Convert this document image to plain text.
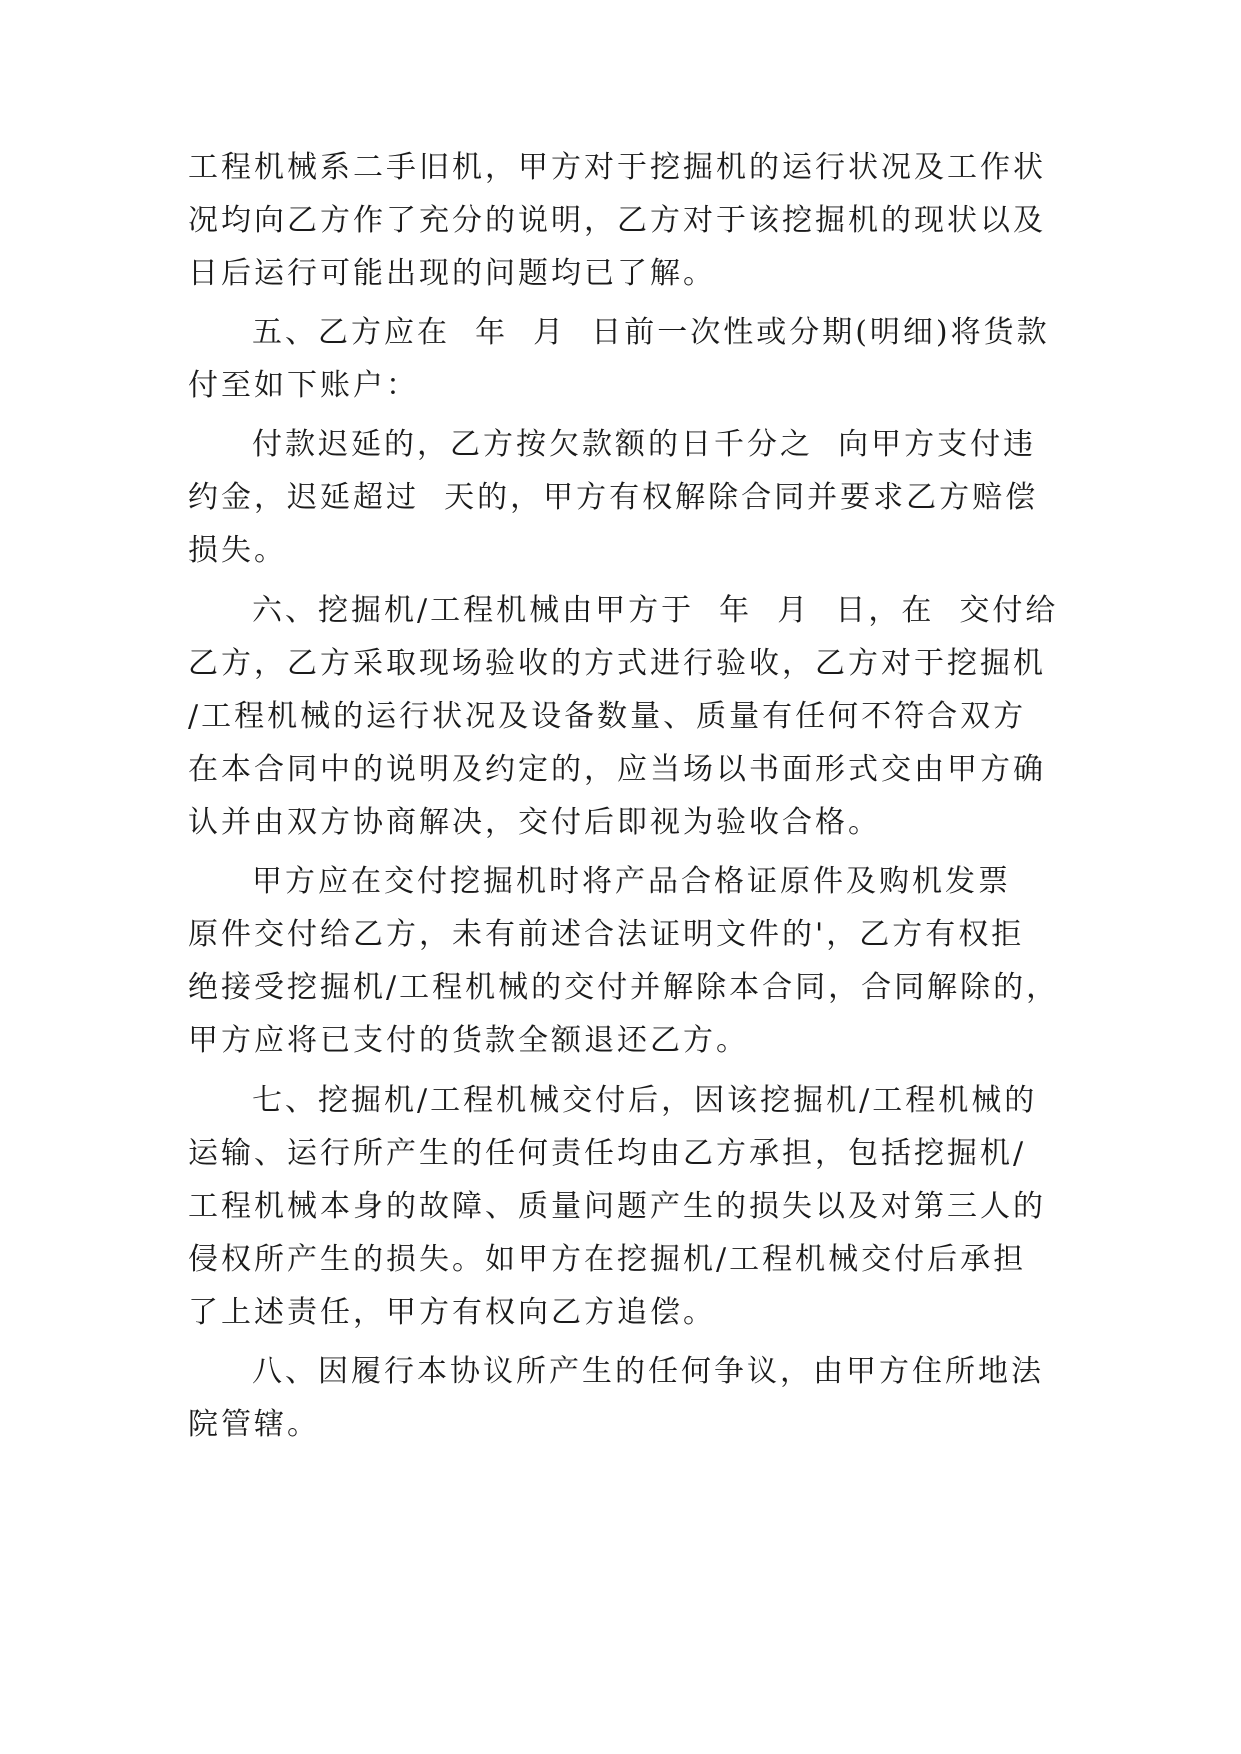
工程机械系二手旧机，甲方对于挖掘机的运行状况及工作状
况均向乙方作了充分的说明，乙方对于该挖掘机的现状以及
日后运行可能出现的问题均已了解。
五、乙方应在  年  月  日前一次性或分期(明细)将货款
付至如下账户：
付款迟延的，乙方按欠款额的日千分之  向甲方支付违
约金，迟延超过  天的，甲方有权解除合同并要求乙方赔偿
损失。
六、挖掘机/工程机械由甲方于  年  月  日，在  交付给
乙方，乙方采取现场验收的方式进行验收，乙方对于挖掘机
/工程机械的运行状况及设备数量、质量有任何不符合双方
在本合同中的说明及约定的，应当场以书面形式交由甲方确
认并由双方协商解决，交付后即视为验收合格。
甲方应在交付挖掘机时将产品合格证原件及购机发票
原件交付给乙方，未有前述合法证明文件的'，乙方有权拒
绝接受挖掘机/工程机械的交付并解除本合同，合同解除的，
甲方应将已支付的货款全额退还乙方。
七、挖掘机/工程机械交付后，因该挖掘机/工程机械的
运输、运行所产生的任何责任均由乙方承担，包括挖掘机/
工程机械本身的故障、质量问题产生的损失以及对第三人的
侵权所产生的损失。如甲方在挖掘机/工程机械交付后承担
了上述责任，甲方有权向乙方追偿。
八、因履行本协议所产生的任何争议，由甲方住所地法
院管辖。
